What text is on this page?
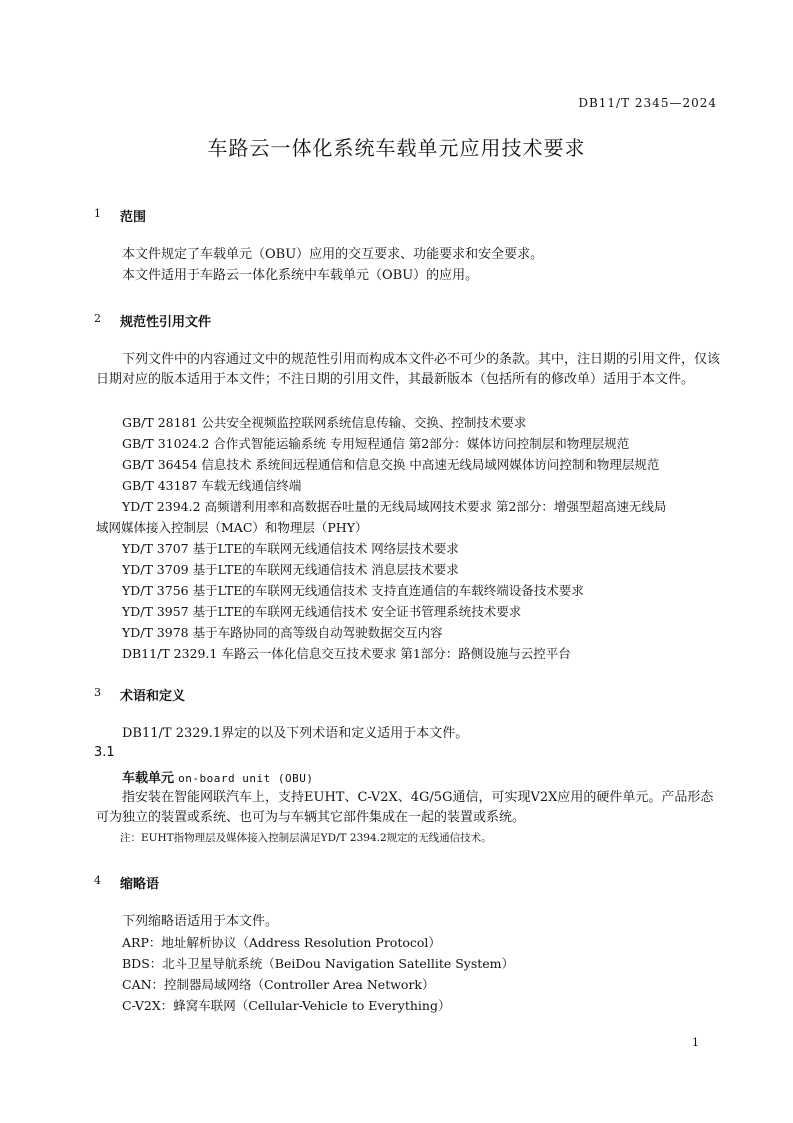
DB11/T 2345—2024
车路云一体化系统车载单元应用技术要求
1 范围
本文件规定了车载单元（OBU）应用的交互要求、功能要求和安全要求。
本文件适用于车路云一体化系统中车载单元（OBU）的应用。
2 规范性引用文件
下列文件中的内容通过文中的规范性引用而构成本文件必不可少的条款。其中，注日期的引用文件，仅该日期对应的版本适用于本文件；不注日期的引用文件，其最新版本（包括所有的修改单）适用于本文件。
GB/T 28181 公共安全视频监控联网系统信息传输、交换、控制技术要求
GB/T 31024.2 合作式智能运输系统 专用短程通信 第2部分：媒体访问控制层和物理层规范
GB/T 36454 信息技术 系统间远程通信和信息交换 中高速无线局域网媒体访问控制和物理层规范
GB/T 43187 车载无线通信终端
YD/T 2394.2 高频谱利用率和高数据吞吐量的无线局域网技术要求 第2部分：增强型超高速无线局
域网媒体接入控制层（MAC）和物理层（PHY）
YD/T 3707 基于LTE的车联网无线通信技术 网络层技术要求
YD/T 3709 基于LTE的车联网无线通信技术 消息层技术要求
YD/T 3756 基于LTE的车联网无线通信技术 支持直连通信的车载终端设备技术要求
YD/T 3957 基于LTE的车联网无线通信技术 安全证书管理系统技术要求
YD/T 3978 基于车路协同的高等级自动驾驶数据交互内容
DB11/T 2329.1 车路云一体化信息交互技术要求 第1部分：路侧设施与云控平台
3 术语和定义
DB11/T 2329.1界定的以及下列术语和定义适用于本文件。
3.1
车载单元 on-board unit (OBU)
指安装在智能网联汽车上，支持EUHT、C-V2X、4G/5G通信，可实现V2X应用的硬件单元。产品形态可为独立的装置或系统、也可为与车辆其它部件集成在一起的装置或系统。
注：EUHT指物理层及媒体接入控制层满足YD/T 2394.2规定的无线通信技术。
4 缩略语
下列缩略语适用于本文件。
ARP：地址解析协议（Address Resolution Protocol）
BDS：北斗卫星导航系统（BeiDou Navigation Satellite System）
CAN：控制器局域网络（Controller Area Network）
C-V2X：蜂窝车联网（Cellular-Vehicle to Everything）
1
